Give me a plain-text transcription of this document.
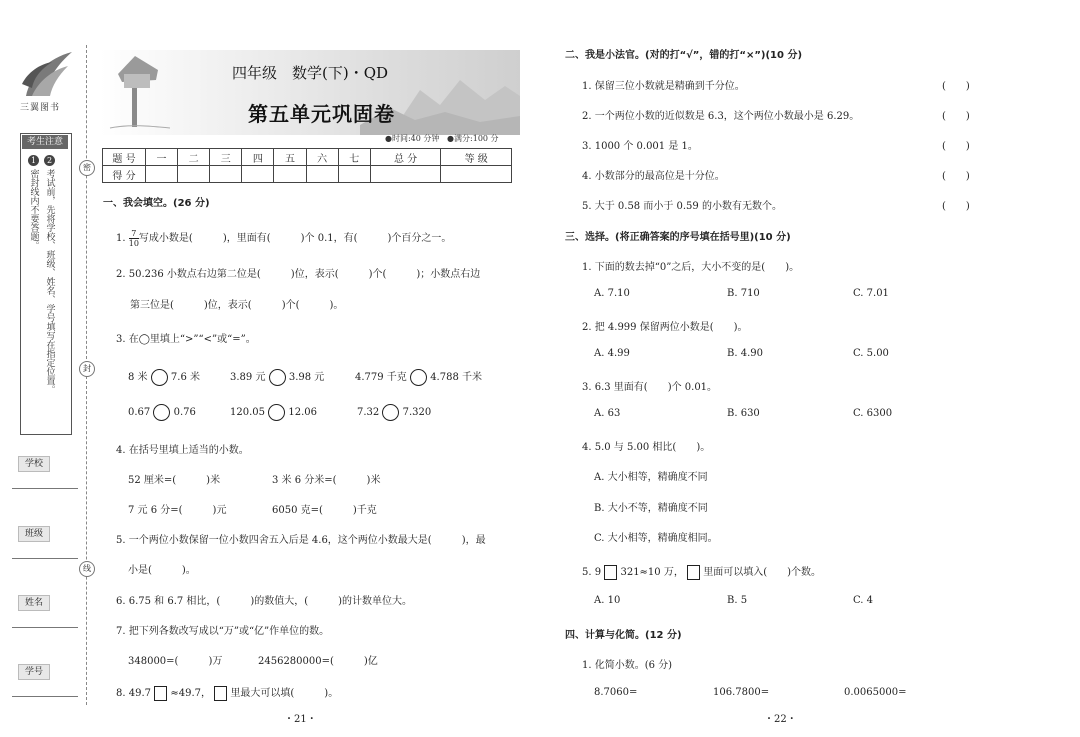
三翼图书
考生注意
1密封线内不要答题。
2考试前，先将学校、班级、姓名、学号填写在指定位置。
学校
班级
姓名
学号
密
封
线
四年级　数学(下)・QD
第五单元巩固卷
●时间:40 分钟 ●满分:100 分
题 号	一	二	三	四	五	六	七	总 分	等 级
得 分									
一、我会填空。(26 分)
1. $\frac{7}{10}$ 写成小数是(　　　)，里面有(　　　)个 0.1，有(　　　)个百分之一。
2. 50.236 小数点右边第二位是(　　　)位，表示(　　　)个(　　　)；小数点右边
第三位是(　　　)位，表示(　　　)个(　　　)。
3. 在◯里填上“>”“<”或“=”。
8 米 7.6 米	3.89 元 3.98 元	4.779 千克 4.788 千米
0.67 0.76	120.05 12.06	7.32 7.320
4. 在括号里填上适当的小数。
52 厘米=(　　　)米	3 米 6 分米=(　　　)米
7 元 6 分=(　　　)元	6050 克=(　　　)千克
5. 一个两位小数保留一位小数四舍五入后是 4.6，这个两位小数最大是(　　　)，最
小是(　　　)。
6. 6.75 和 6.7 相比，(　　　)的数值大，(　　　)的计数单位大。
7. 把下列各数改写成以“万”或“亿”作单位的数。
348000=(　　　)万	2456280000=(　　　)亿
8. 49.7 ≈49.7， 里最大可以填(　　　)。
・21・
二、我是小法官。(对的打“√”，错的打“×”)(10 分)
1. 保留三位小数就是精确到千分位。	(　　)
2. 一个两位小数的近似数是 6.3，这个两位小数最小是 6.29。	(　　)
3. 1000 个 0.001 是 1。	(　　)
4. 小数部分的最高位是十分位。	(　　)
5. 大于 0.58 而小于 0.59 的小数有无数个。	(　　)
三、选择。(将正确答案的序号填在括号里)(10 分)
1. 下面的数去掉“0”之后，大小不变的是(　　)。
A. 7.10	B. 710	C. 7.01
2. 把 4.999 保留两位小数是(　　)。
A. 4.99	B. 4.90	C. 5.00
3. 6.3 里面有(　　)个 0.01。
A. 63	B. 630	C. 6300
4. 5.0 与 5.00 相比(　　)。
A. 大小相等，精确度不同
B. 大小不等，精确度不同
C. 大小相等，精确度相同。
5. 9 321≈10 万， 里面可以填入(　　)个数。
A. 10	B. 5	C. 4
四、计算与化简。(12 分)
1. 化简小数。(6 分)
8.7060=	106.7800=	0.0065000=
・22・
